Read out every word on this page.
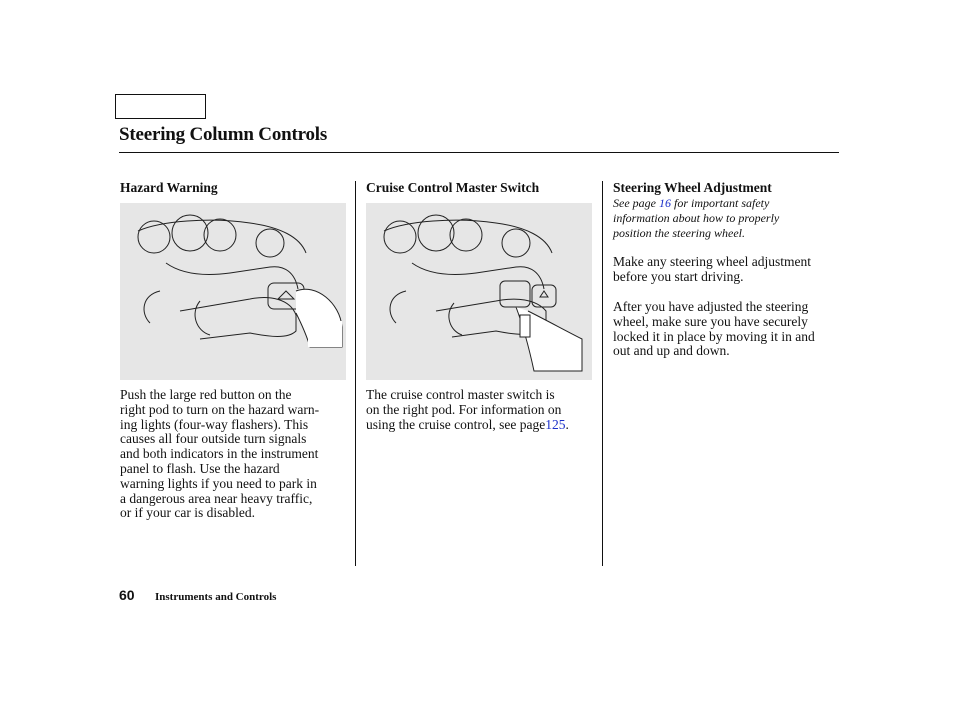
Steering Column Controls
Hazard Warning
Push the large red button on the
right pod to turn on the hazard warn-
ing lights (four-way flashers). This
causes all four outside turn signals
and both indicators in the instrument
panel to flash. Use the hazard
warning lights if you need to park in
a dangerous area near heavy traffic,
or if your car is disabled.
Cruise Control Master Switch
The cruise control master switch is
on the right pod. For information on
using the cruise control, see page125.
Steering Wheel Adjustment
See page 16 for important safety
information about how to properly
position the steering wheel.
Make any steering wheel adjustment
before you start driving.
After you have adjusted the steering
wheel, make sure you have securely
locked it in place by moving it in and
out and up and down.
60 Instruments and Controls
